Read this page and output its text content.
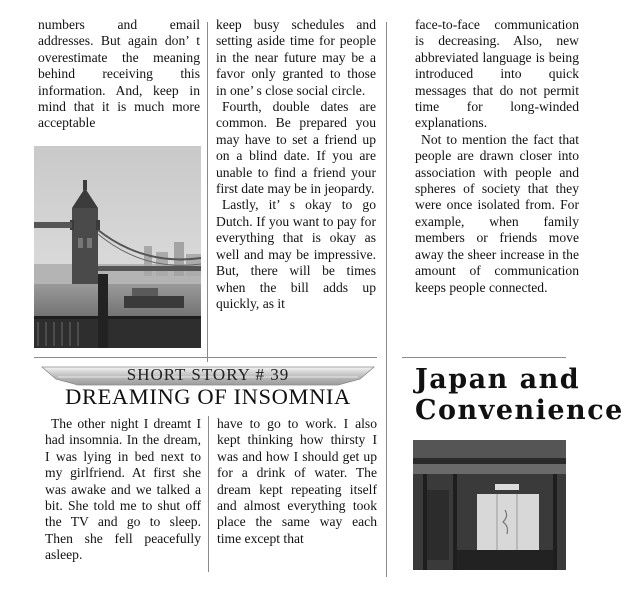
numbers and email addresses. But again don’ t overestimate the meaning behind receiving this information. And, keep in mind that it is much more acceptable

keep busy schedules and setting aside time for people in the near future may be a favor only granted to those in one’ s close social circle.

Fourth, double dates are common. Be prepared you may have to set a friend up on a blind date. If you are unable to find a friend your first date may be in jeopardy.

Lastly, it’ s okay to go Dutch. If you want to pay for everything that is okay as well and may be impressive. But, there will be times when the bill adds up quickly, as it

face-to-face communication is decreasing. Also, new abbreviated language is being introduced into quick messages that do not permit time for long-winded explanations.

Not to mention the fact that people are drawn closer into association with people and spheres of society that they were once isolated from. For example, when family members or friends move away the sheer increase in the amount of communication keeps people connected.

SHORT STORY # 39
DREAMING OF INSOMNIA

The other night I dreamt I had insomnia. In the dream, I was lying in bed next to my girlfriend. At first she was awake and we talked a bit. She told me to shut off the TV and go to sleep. Then she fell peacefully asleep.

have to go to work. I also kept thinking how thirsty I was and how I should get up for a drink of water. The dream kept repeating itself and almost everything took place the same way each time except that

Japan and
Convenience
